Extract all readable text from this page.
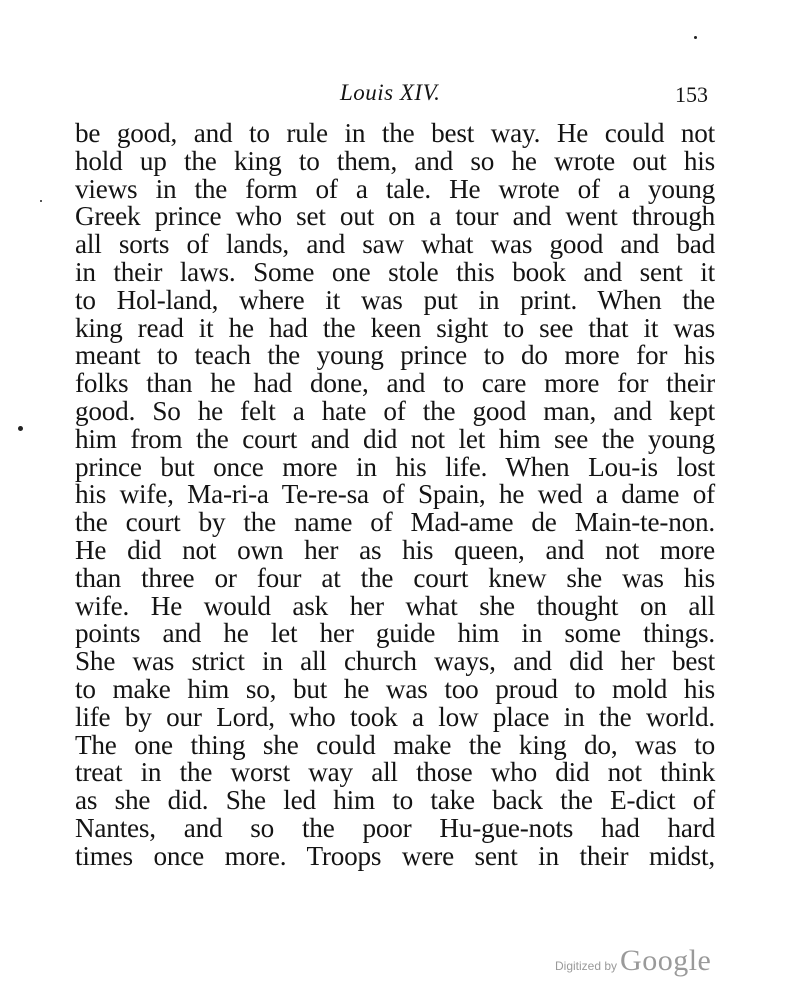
Louis XIV.	153
be good, and to rule in the best way. He could not
hold up the king to them, and so he wrote out his
views in the form of a tale. He wrote of a young
Greek prince who set out on a tour and went through
all sorts of lands, and saw what was good and bad
in their laws. Some one stole this book and sent it
to Hol-land, where it was put in print. When the
king read it he had the keen sight to see that it was
meant to teach the young prince to do more for his
folks than he had done, and to care more for their
good. So he felt a hate of the good man, and kept
him from the court and did not let him see the young
prince but once more in his life. When Lou-is lost
his wife, Ma-ri-a Te-re-sa of Spain, he wed a dame of
the court by the name of Mad-ame de Main-te-non.
He did not own her as his queen, and not more
than three or four at the court knew she was his
wife. He would ask her what she thought on all
points and he let her guide him in some things.
She was strict in all church ways, and did her best
to make him so, but he was too proud to mold his
life by our Lord, who took a low place in the world.
The one thing she could make the king do, was to
treat in the worst way all those who did not think
as she did. She led him to take back the E-dict of
Nantes, and so the poor Hu-gue-nots had hard
times once more. Troops were sent in their midst,
Digitized by Google
